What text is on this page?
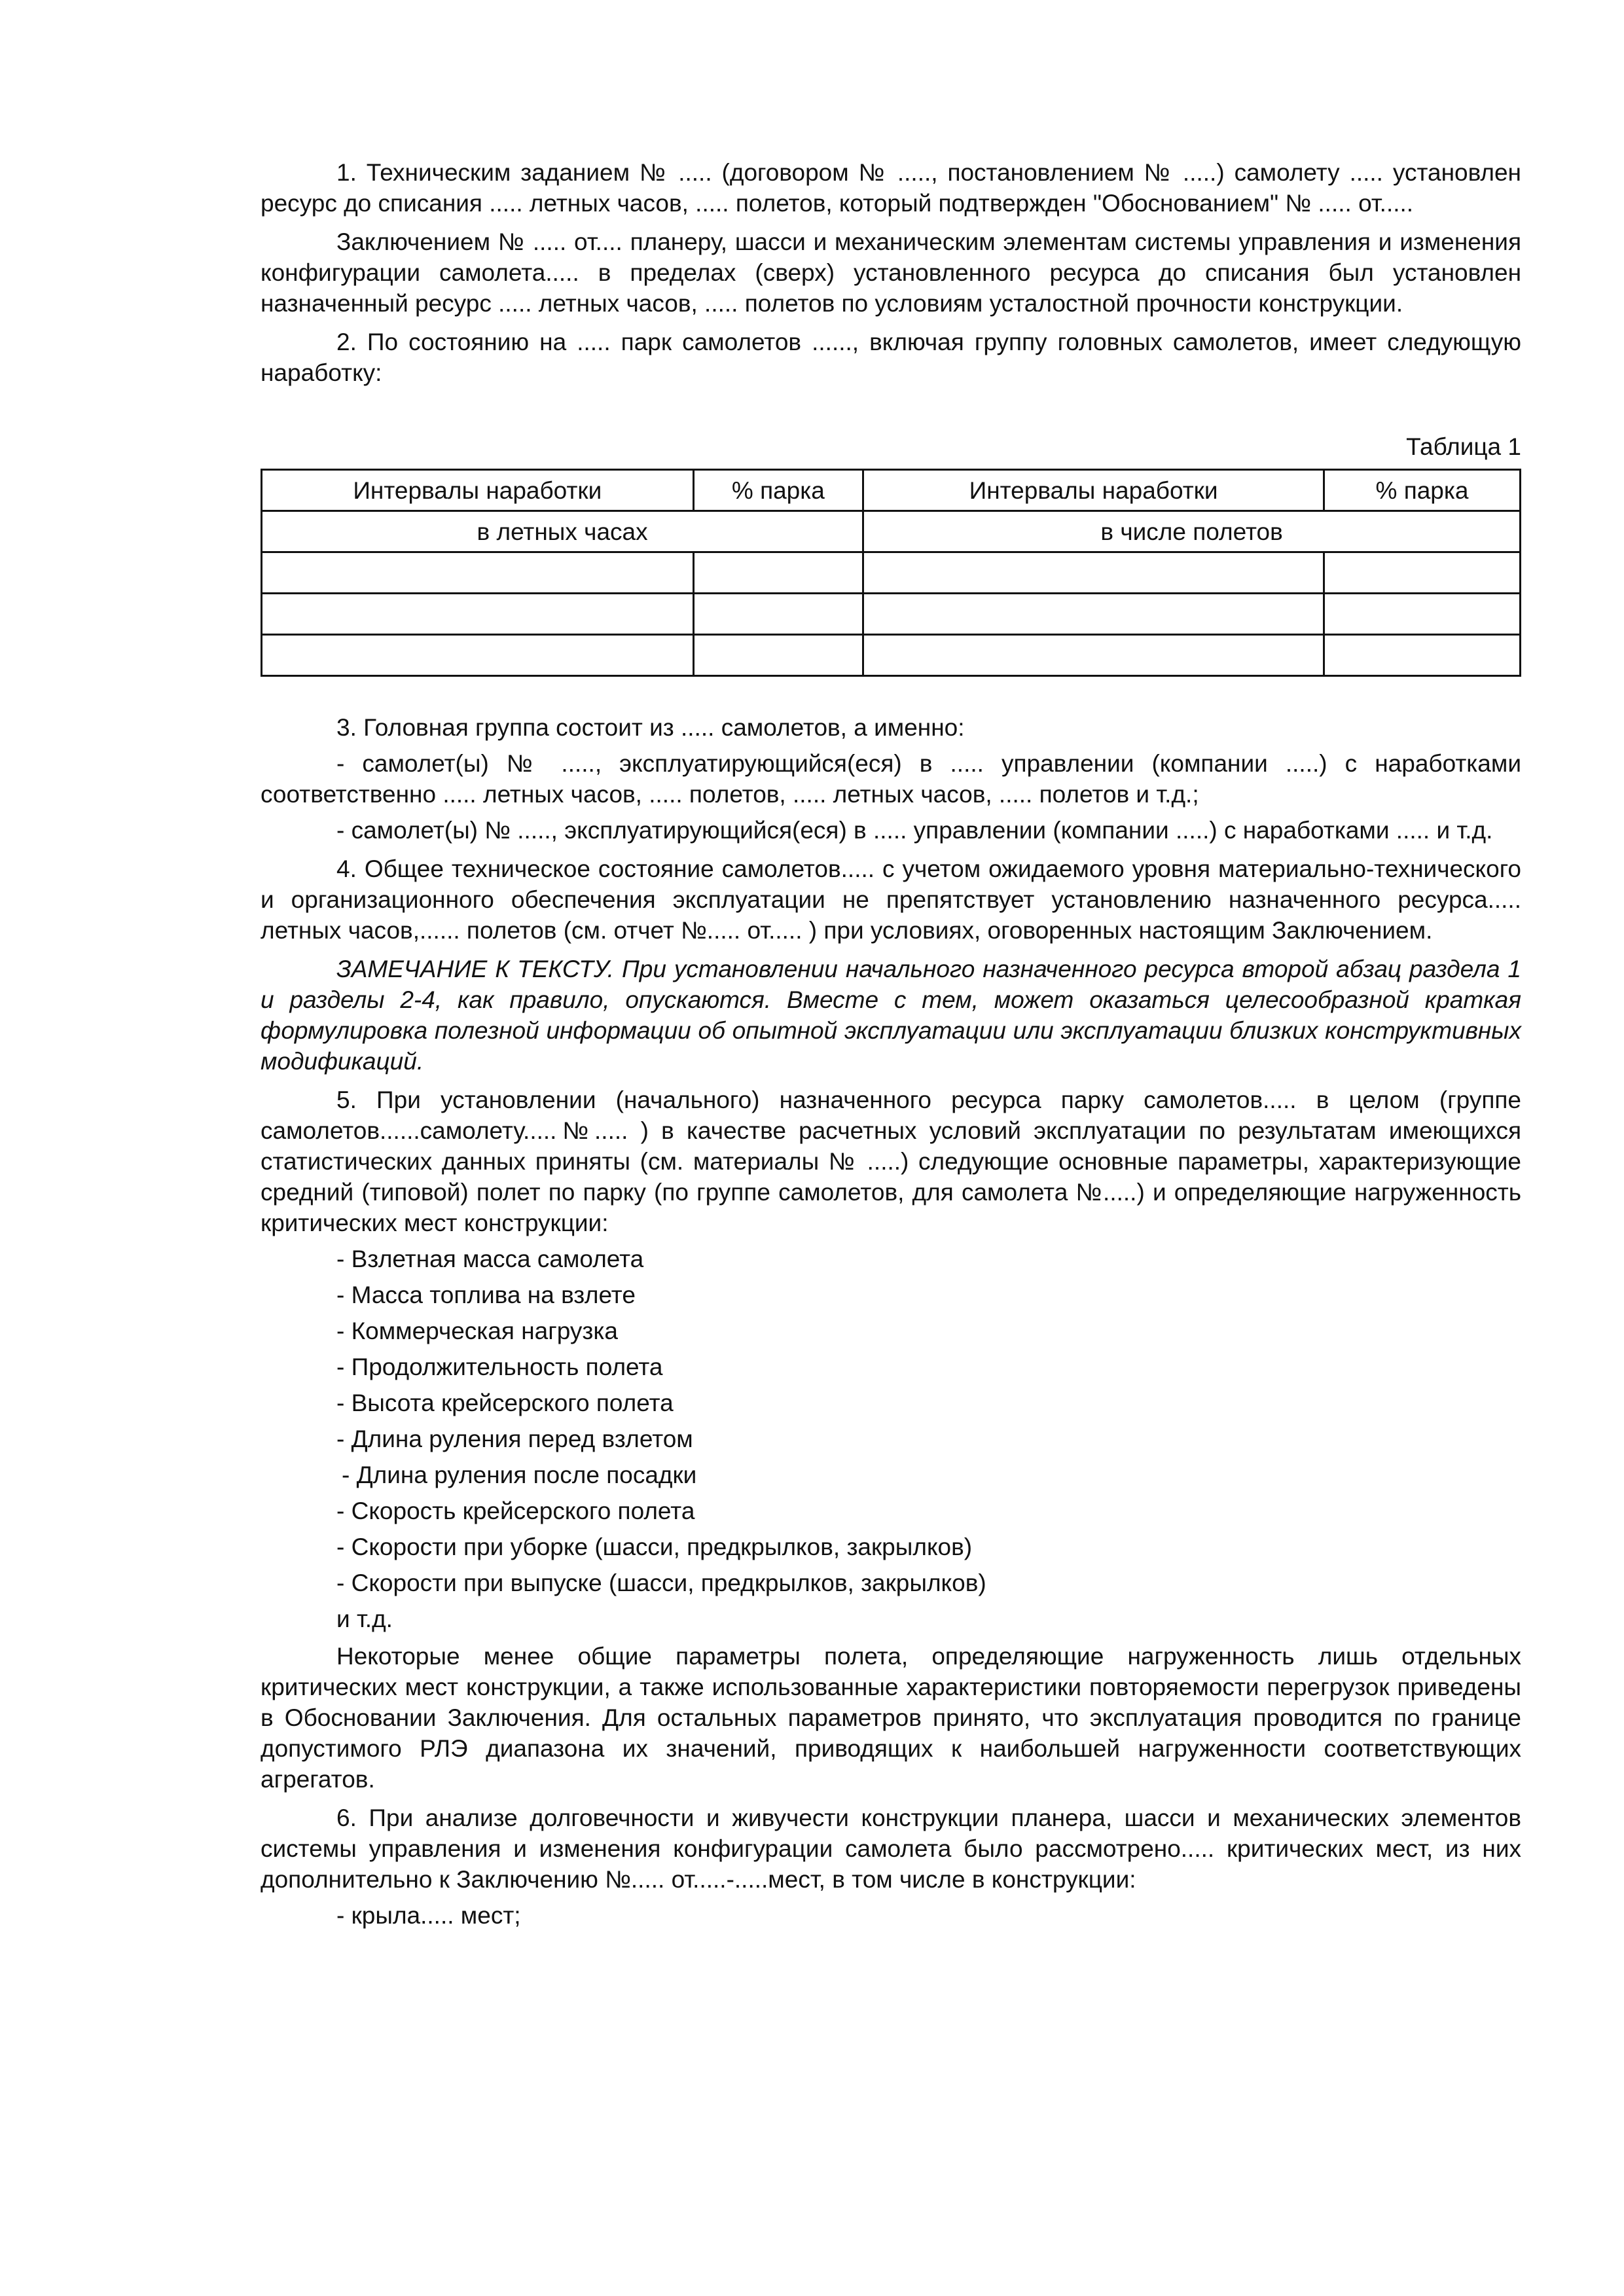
1. Техническим заданием № ..... (договором № ....., постановлением № .....) самолету ..... установлен ресурс до списания ..... летных часов, ..... полетов, который подтвержден "Обоснованием" № ..... от.....

Заключением № ..... от.... планеру, шасси и механическим элементам системы управления и изменения конфигурации самолета..... в пределах (сверх) установленного ресурса до списания был установлен назначенный ресурс ..... летных часов, ..... полетов по условиям усталостной прочности конструкции.

2. По состоянию на ..... парк самолетов ......, включая группу головных самолетов, имеет следующую наработку:

Таблица 1

Интервалы наработки	% парка	Интервалы наработки	% парка
в летных часах		в числе полетов	

3. Головная группа состоит из ..... самолетов, а именно:

- самолет(ы) № ....., эксплуатирующийся(еся) в ..... управлении (компании .....) с наработками соответственно ..... летных часов, ..... полетов, ..... летных часов, ..... полетов и т.д.;

- самолет(ы) № ....., эксплуатирующийся(еся) в ..... управлении (компании .....) с наработками ..... и т.д.

4. Общее техническое состояние самолетов..... с учетом ожидаемого уровня материально-технического и организационного обеспечения эксплуатации не препятствует установлению назначенного ресурса..... летных часов,...... полетов (см. отчет №..... от..... ) при условиях, оговоренных настоящим Заключением.

ЗАМЕЧАНИЕ К ТЕКСТУ. При установлении начального назначенного ресурса второй абзац раздела 1 и разделы 2-4, как правило, опускаются. Вместе с тем, может оказаться целесообразной краткая формулировка полезной информации об опытной эксплуатации или эксплуатации близких конструктивных модификаций.

5. При установлении (начального) назначенного ресурса парку самолетов..... в целом (группе самолетов......самолету.....№..... ) в качестве расчетных условий эксплуатации по результатам имеющихся статистических данных приняты (см. материалы № .....) следующие основные параметры, характеризующие средний (типовой) полет по парку (по группе самолетов, для самолета №.....) и определяющие нагруженность критических мест конструкции:

- Взлетная масса самолета

- Масса топлива на взлете

- Коммерческая нагрузка

- Продолжительность полета

- Высота крейсерского полета

- Длина руления перед взлетом

- Длина руления после посадки

- Скорость крейсерского полета

- Скорости при уборке (шасси, предкрылков, закрылков)

- Скорости при выпуске (шасси, предкрылков, закрылков)

и т.д.

Некоторые менее общие параметры полета, определяющие нагруженность лишь отдельных критических мест конструкции, а также использованные характеристики повторяемости перегрузок приведены в Обосновании Заключения. Для остальных параметров принято, что эксплуатация проводится по границе допустимого РЛЭ диапазона их значений, приводящих к наибольшей нагруженности соответствующих агрегатов.

6. При анализе долговечности и живучести конструкции планера, шасси и механических элементов системы управления и изменения конфигурации самолета было рассмотрено..... критических мест, из них дополнительно к Заключению №..... от.....-.....мест, в том числе в конструкции:

- крыла..... мест;
